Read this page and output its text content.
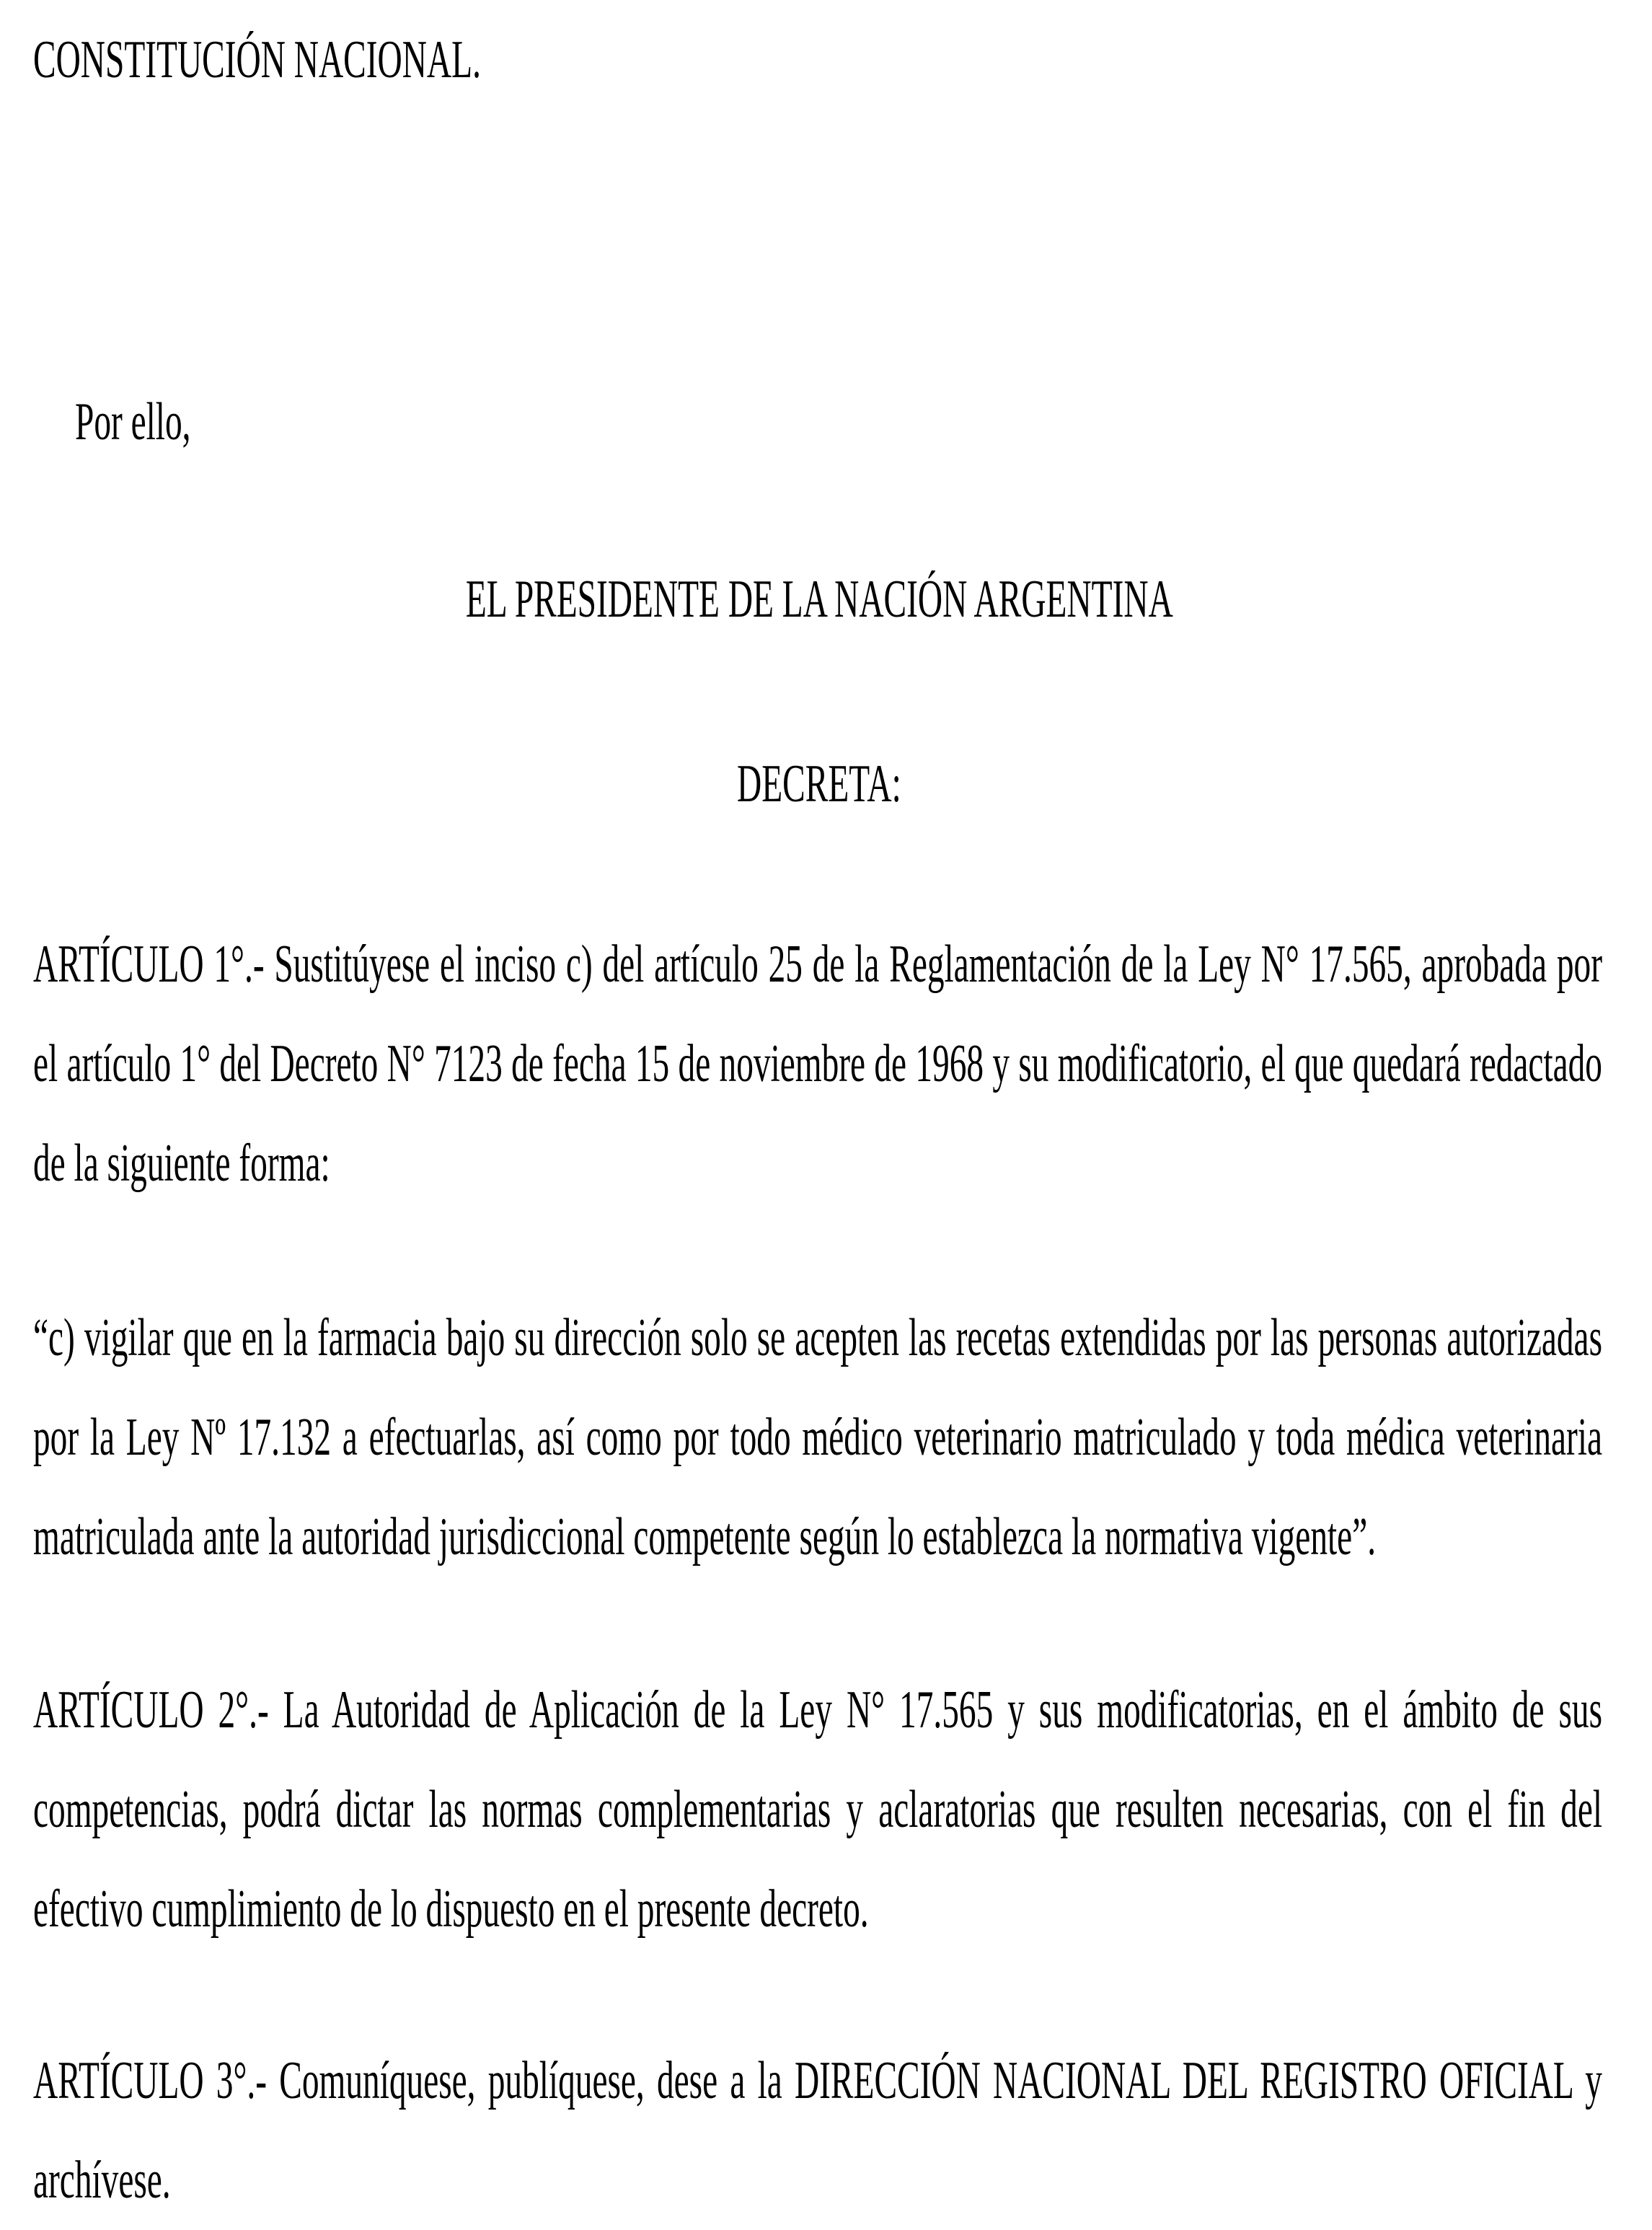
CONSTITUCIÓN NACIONAL.
Por ello,
EL PRESIDENTE DE LA NACIÓN ARGENTINA
DECRETA:

ARTÍCULO 1°.- Sustitúyese el inciso c) del artículo 25 de la Reglamentación de la Ley N° 17.565, aprobada por el artículo 1° del Decreto N° 7123 de fecha 15 de noviembre de 1968 y su modificatorio, el que quedará redactado de la siguiente forma:

“c) vigilar que en la farmacia bajo su dirección solo se acepten las recetas extendidas por las personas autorizadas por la Ley Nº 17.132 a efectuarlas, así como por todo médico veterinario matriculado y toda médica veterinaria matriculada ante la autoridad jurisdiccional competente según lo establezca la normativa vigente”.

ARTÍCULO 2°.- La Autoridad de Aplicación de la Ley N° 17.565 y sus modificatorias, en el ámbito de sus competencias, podrá dictar las normas complementarias y aclaratorias que resulten necesarias, con el fin del efectivo cumplimiento de lo dispuesto en el presente decreto.

ARTÍCULO 3°.- Comuníquese, publíquese, dese a la DIRECCIÓN NACIONAL DEL REGISTRO OFICIAL y archívese.
